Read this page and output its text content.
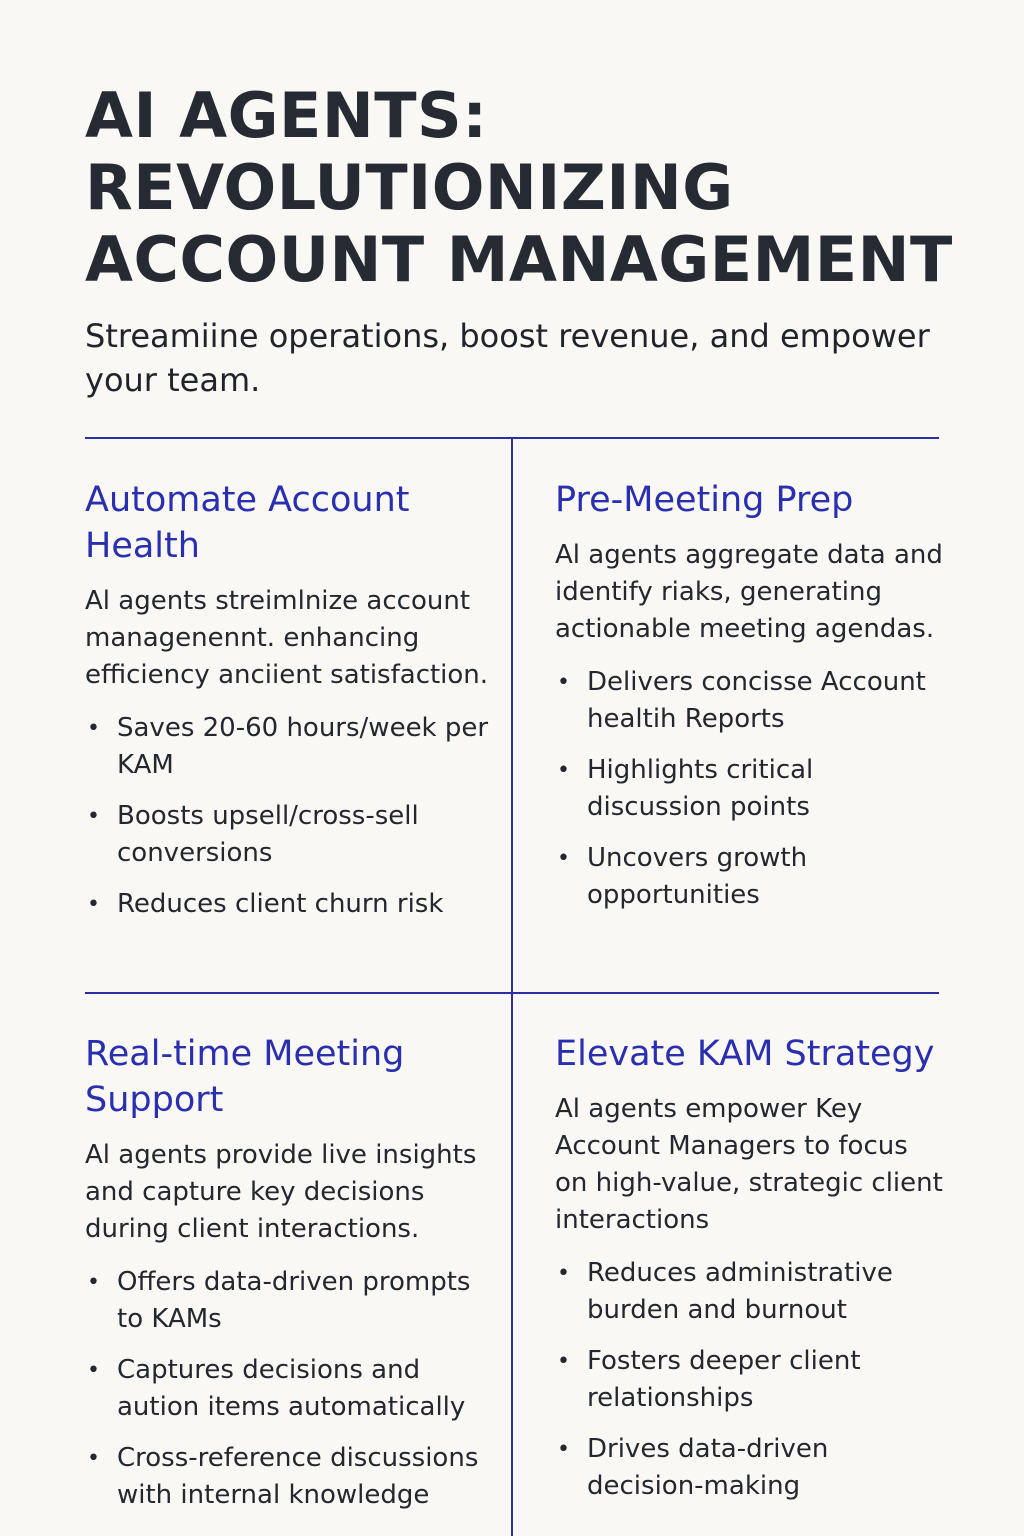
AI AGENTS:
REVOLUTIONIZING
ACCOUNT MANAGEMENT

Streamiine operations, boost revenue, and empower your team.

Automate Account Health

Al agents streimlnize account managenennt. enhancing efficiency anciient satisfaction.

• Saves 20-60 hours/week per KAM
• Boosts upsell/cross-sell conversions
• Reduces client churn risk
Pre-Meeting Prep

Al agents aggregate data and identify riaks, generating actionable meeting agendas.

• Delivers concisse Account healtih Reports
• Highlights critical discussion points
• Uncovers growth opportunities
Real-time Meeting Support

Al agents provide live insights and capture key decisions during client interactions.

• Offers data-driven prompts to KAMs
• Captures decisions and aution items automatically
• Cross-reference discussions with internal knowledge
Elevate KAM Strategy

Al agents empower Key Account Managers to focus on high-value, strategic client interactions

• Reduces administrative burden and burnout
• Fosters deeper client relationships
• Drives data-driven decision-making
